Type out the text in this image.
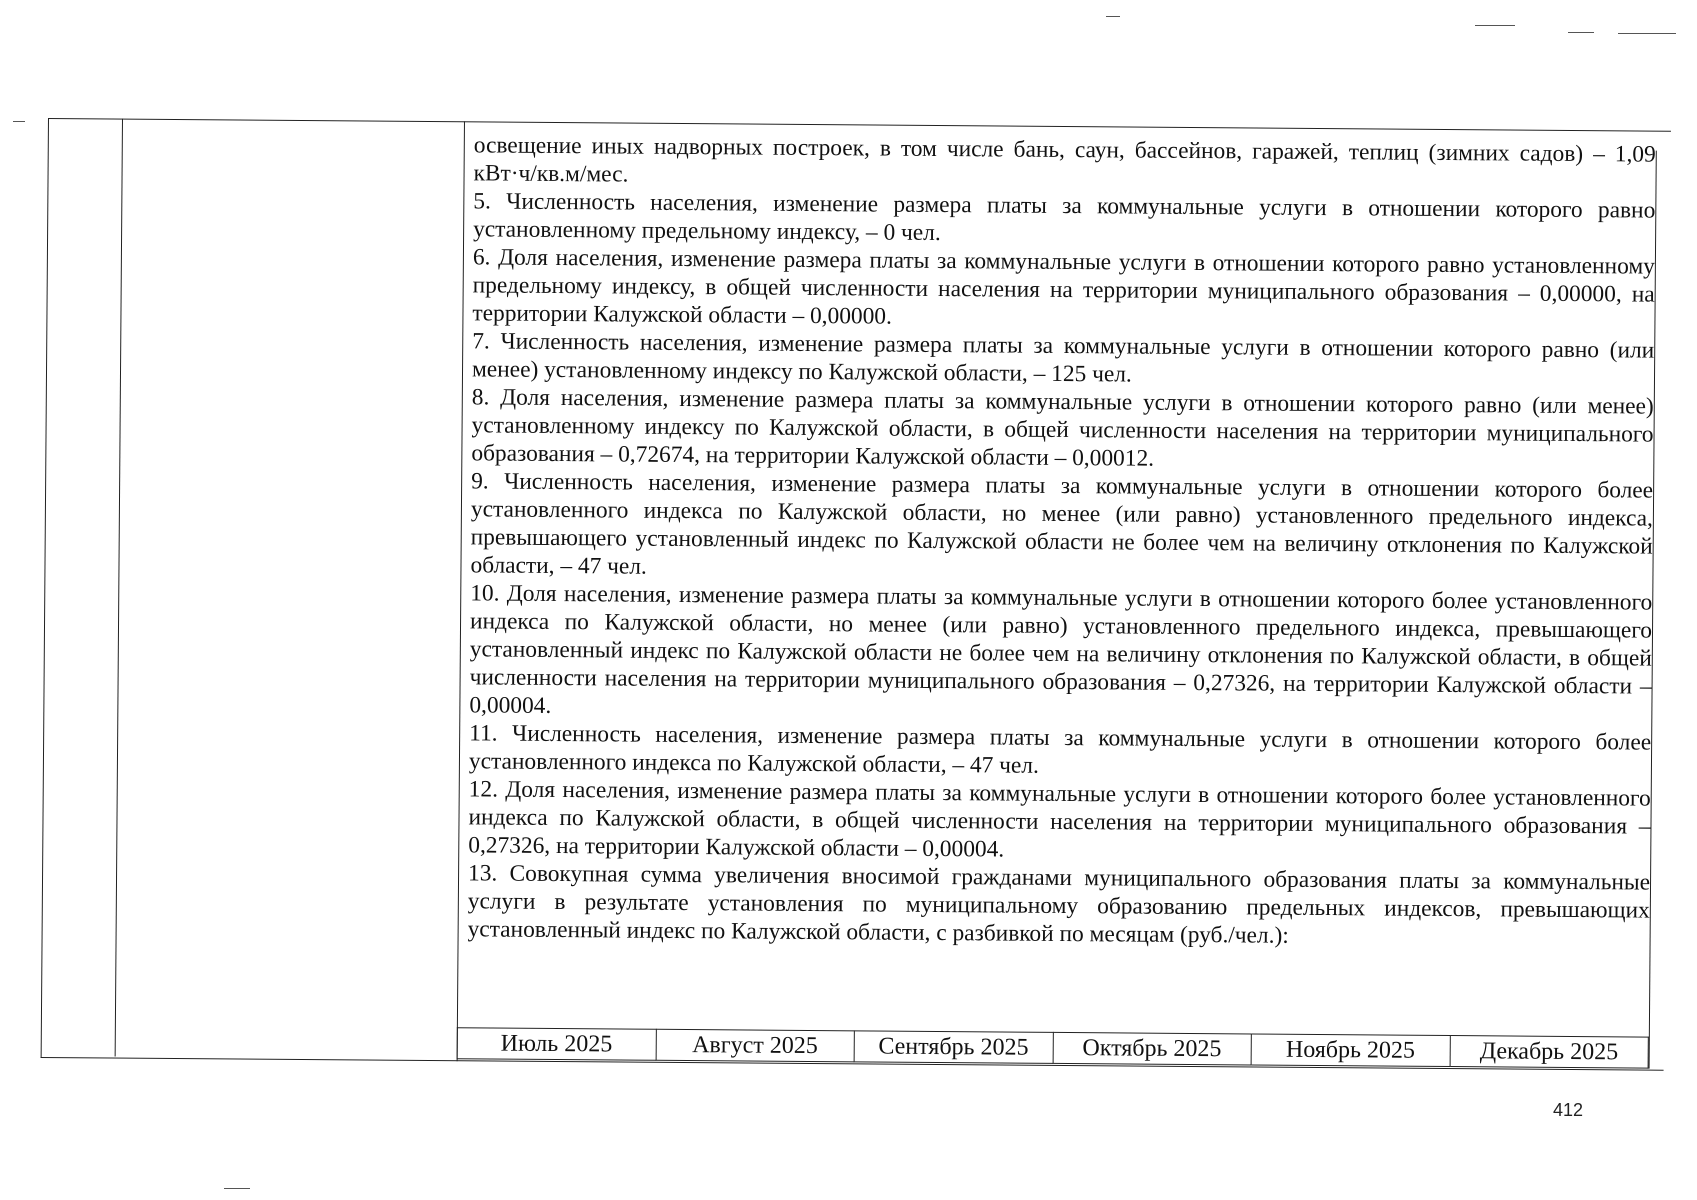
освещение иных надворных построек, в том числе бань, саун, бассейнов, гаражей, теплиц (зимних садов) – 1,09 кВт·ч/кв.м/мес.

5. Численность населения, изменение размера платы за коммунальные услуги в отношении которого равно установленному предельному индексу, – 0 чел.

6. Доля населения, изменение размера платы за коммунальные услуги в отношении которого равно установленному предельному индексу, в общей численности населения на территории муниципального образования – 0,00000, на территории Калужской области – 0,00000.

7. Численность населения, изменение размера платы за коммунальные услуги в отношении которого равно (или менее) установленному индексу по Калужской области, – 125 чел.

8. Доля населения, изменение размера платы за коммунальные услуги в отношении которого равно (или менее) установленному индексу по Калужской области, в общей численности населения на территории муниципального образования – 0,72674, на территории Калужской области – 0,00012.

9. Численность населения, изменение размера платы за коммунальные услуги в отношении которого более установленного индекса по Калужской области, но менее (или равно) установленного предельного индекса, превышающего установленный индекс по Калужской области не более чем на величину отклонения по Калужской области, – 47 чел.

10. Доля населения, изменение размера платы за коммунальные услуги в отношении которого более установленного индекса по Калужской области, но менее (или равно) установленного предельного индекса, превышающего установленный индекс по Калужской области не более чем на величину отклонения по Калужской области, в общей численности населения на территории муниципального образования – 0,27326, на территории Калужской области – 0,00004.

11. Численность населения, изменение размера платы за коммунальные услуги в отношении которого более установленного индекса по Калужской области, – 47 чел.

12. Доля населения, изменение размера платы за коммунальные услуги в отношении которого более установленного индекса по Калужской области, в общей численности населения на территории муниципального образования – 0,27326, на территории Калужской области – 0,00004.

13. Совокупная сумма увеличения вносимой гражданами муниципального образования платы за коммунальные услуги в результате установления по муниципальному образованию предельных индексов, превышающих установленный индекс по Калужской области, с разбивкой по месяцам (руб./чел.):

Июль 2025	Август 2025	Сентябрь 2025	Октябрь 2025	Ноябрь 2025	Декабрь 2025
412
